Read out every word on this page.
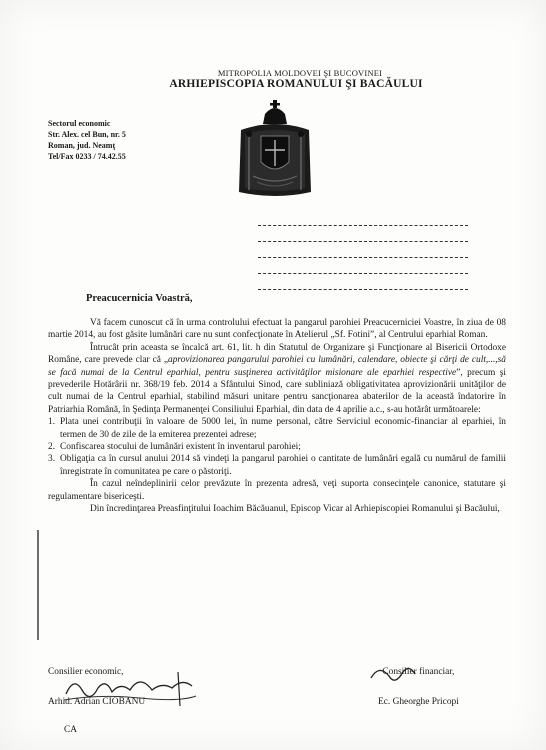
MITROPOLIA MOLDOVEI ŞI BUCOVINEI
ARHIEPISCOPIA ROMANULUI ŞI BACĂULUI
Sectorul economic
Str. Alex. cel Bun, nr. 5
Roman, jud. Neamţ
Tel/Fax 0233 / 74.42.55
Preacucernicia Voastră,

Vă facem cunoscut că în urma controlului efectuat la pangarul parohiei Preacucerniciei Voastre, în ziua de 08 martie 2014, au fost găsite lumânări care nu sunt confecţionate în Atelierul „Sf. Fotini”, al Centrului eparhial Roman.

Întrucât prin aceasta se încalcă art. 61, lit. h din Statutul de Organizare şi Funcţionare al Bisericii Ortodoxe Române, care prevede clar că „aprovizionarea pangarului parohiei cu lumânări, calendare, obiecte şi cărţi de cult,...,să se facă numai de la Centrul eparhial, pentru susţinerea activităţilor misionare ale eparhiei respective”, precum şi prevederile Hotărârii nr. 368/19 feb. 2014 a Sfântului Sinod, care subliniază obligativitatea aprovizionării unităţilor de cult numai de la Centrul eparhial, stabilind măsuri unitare pentru sancţionarea abaterilor de la această îndatorire în Patriarhia Română, în Şedinţa Permanenţei Consiliului Eparhial, din data de 4 aprilie a.c., s-au hotărât următoarele:

1. Plata unei contribuţii în valoare de 5000 lei, în nume personal, către Serviciul economic-financiar al eparhiei, în termen de 30 de zile de la emiterea prezentei adrese;
2. Confiscarea stocului de lumânări existent în inventarul parohiei;
3. Obligaţia ca în cursul anului 2014 să vindeţi la pangarul parohiei o cantitate de lumânări egală cu numărul de familii înregistrate în comunitatea pe care o păstoriţi.

În cazul neîndeplinirii celor prevăzute în prezenta adresă, veţi suporta consecinţele canonice, statutare şi regulamentare bisericeşti.

Din încredinţarea Preasfinţitului Ioachim Băcăuanul, Episcop Vicar al Arhiepiscopiei Romanului şi Bacăului,

Consilier economic,
Arhid. Adrian CIOBANU
Consilier financiar,
Ec. Gheorghe Pricopi
CA
